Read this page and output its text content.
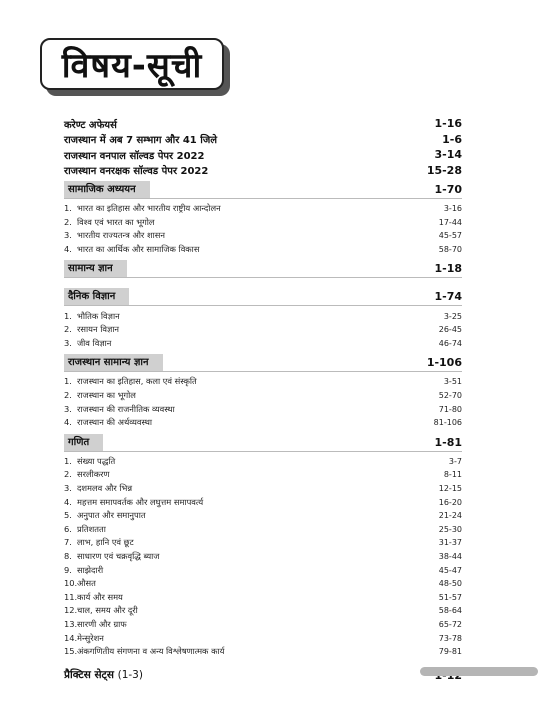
विषय-सूची
करेण्ट अफेयर्स	1-16
राजस्थान में अब 7 सम्भाग और 41 जिले	1-6
राजस्थान वनपाल सॉल्वड पेपर 2022	3-14
राजस्थान वनरक्षक सॉल्वड पेपर 2022	15-28
सामाजिक अध्ययन	1-70
1. भारत का इतिहास और भारतीय राष्ट्रीय आन्दोलन	3-16
2. विश्व एवं भारत का भूगोल	17-44
3. भारतीय राज्यतन्त्र और शासन	45-57
4. भारत का आर्थिक और सामाजिक विकास	58-70
सामान्य ज्ञान	1-18
दैनिक विज्ञान	1-74
1. भौतिक विज्ञान	3-25
2. रसायन विज्ञान	26-45
3. जीव विज्ञान	46-74
राजस्थान सामान्य ज्ञान	1-106
1. राजस्थान का इतिहास, कला एवं संस्कृति	3-51
2. राजस्थान का भूगोल	52-70
3. राजस्थान की राजनीतिक व्यवस्था	71-80
4. राजस्थान की अर्थव्यवस्था	81-106
गणित	1-81
1. संख्या पद्धति	3-7
2. सरलीकरण	8-11
3. दशमलव और भिन्न	12-15
4. महत्तम समापवर्तक और लघुत्तम समापवर्त्य	16-20
5. अनुपात और समानुपात	21-24
6. प्रतिशतता	25-30
7. लाभ, हानि एवं छूट	31-37
8. साधारण एवं चक्रवृद्धि ब्याज	38-44
9. साझेदारी	45-47
10. औसत	48-50
11. कार्य और समय	51-57
12. चाल, समय और दूरी	58-64
13. सारणी और ग्राफ	65-72
14. मेन्सुरेशन	73-78
15. अंकगणितीय संगणना व अन्य विश्लेषणात्मक कार्य	79-81
प्रैक्टिस सेट्स (1-3)
